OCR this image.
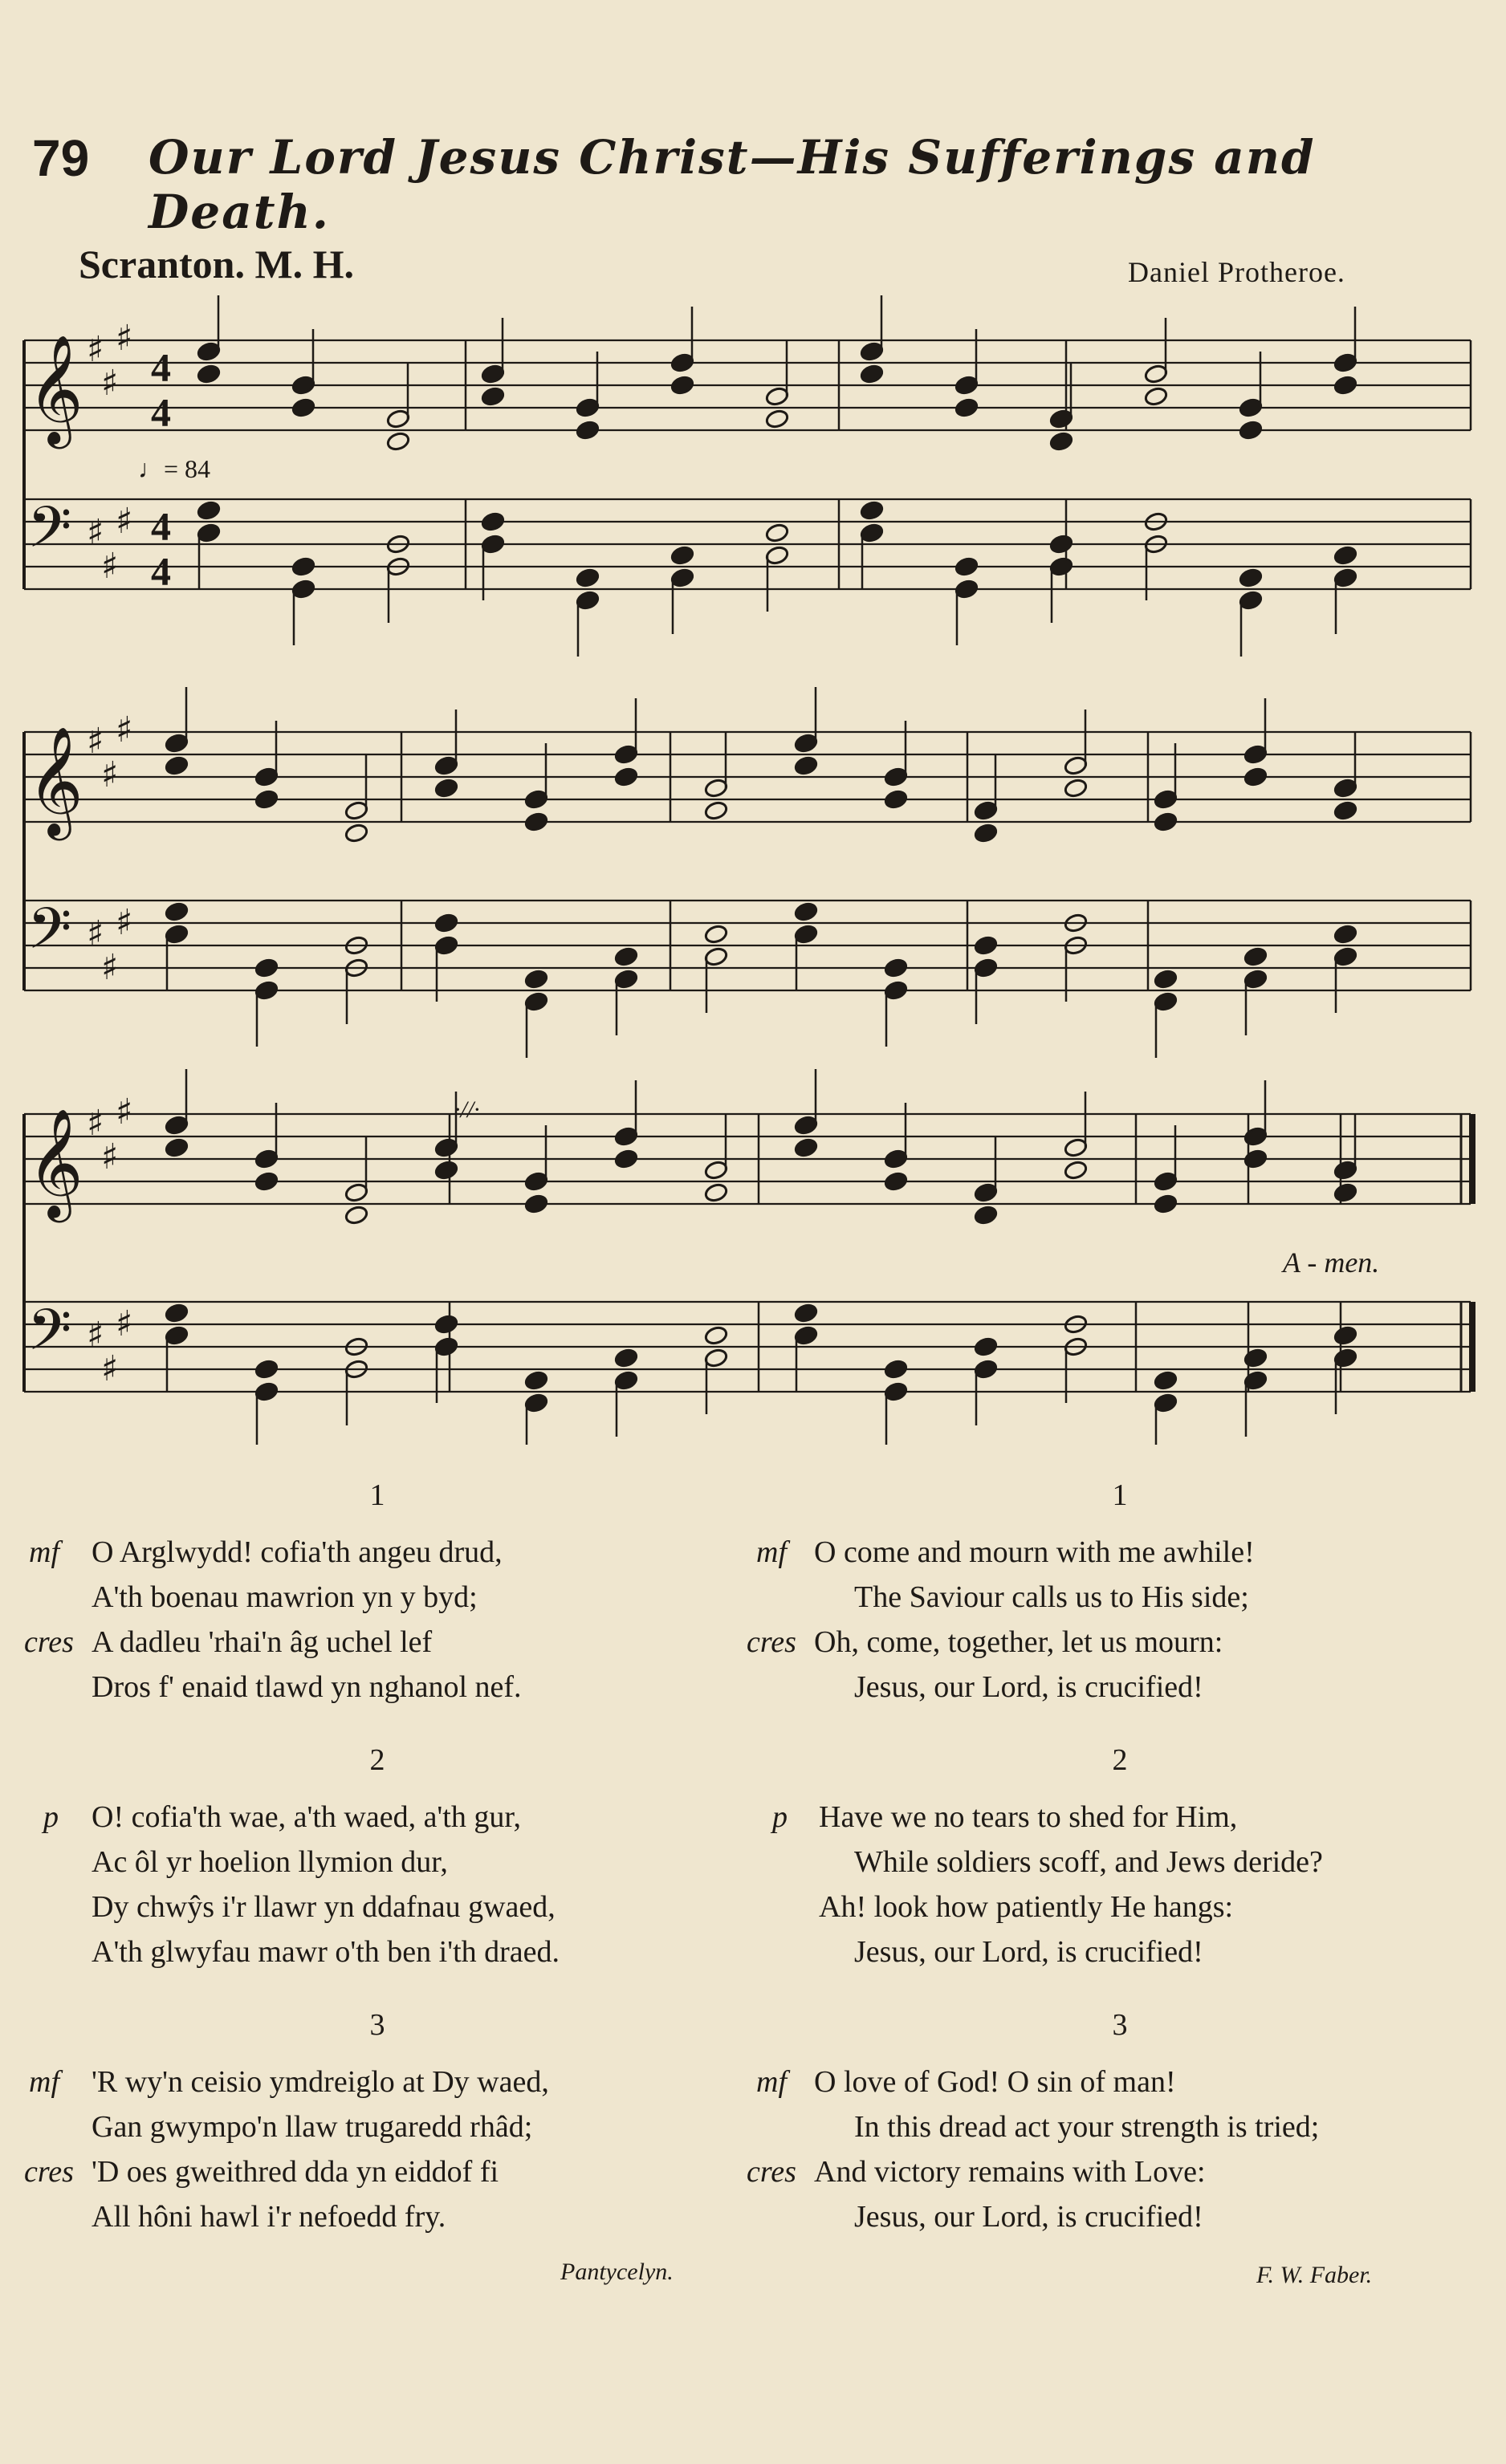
79 Our Lord Jesus Christ—His Sufferings and Death.
Scranton. M. H.	Daniel Protheroe.
𝄞 ♯
♯
♯
𝄢 ♯
♯
♯
𝄞 ♯
♯
♯
𝄢 ♯
♯
♯
𝄞 ♯
♯
♯
𝄢 ♯
♯
♯
4
4
4
4
♩= 84
·//·
A - men.
1
mf O Arglwydd! cofia'th angeu drud,
A'th boenau mawrion yn y byd;
cres A dadleu 'rhai'n âg uchel lef
Dros f' enaid tlawd yn nghanol nef.
2
p O! cofia'th wae, a'th waed, a'th gur,
Ac ôl yr hoelion llymion dur,
Dy chwŷs i'r llawr yn ddafnau gwaed,
A'th glwyfau mawr o'th ben i'th draed.
3
mf 'R wy'n ceisio ymdreiglo at Dy waed,
Gan gwympo'n llaw trugaredd rhâd;
cres 'D oes gweithred dda yn eiddof fi
All hôni hawl i'r nefoedd fry.
Pantycelyn.
1
mf O come and mourn with me awhile!
The Saviour calls us to His side;
cres Oh, come, together, let us mourn:
Jesus, our Lord, is crucified!
2
p Have we no tears to shed for Him,
While soldiers scoff, and Jews deride?
Ah! look how patiently He hangs:
Jesus, our Lord, is crucified!
3
mf O love of God! O sin of man!
In this dread act your strength is tried;
cres And victory remains with Love:
Jesus, our Lord, is crucified!
F. W. Faber.
